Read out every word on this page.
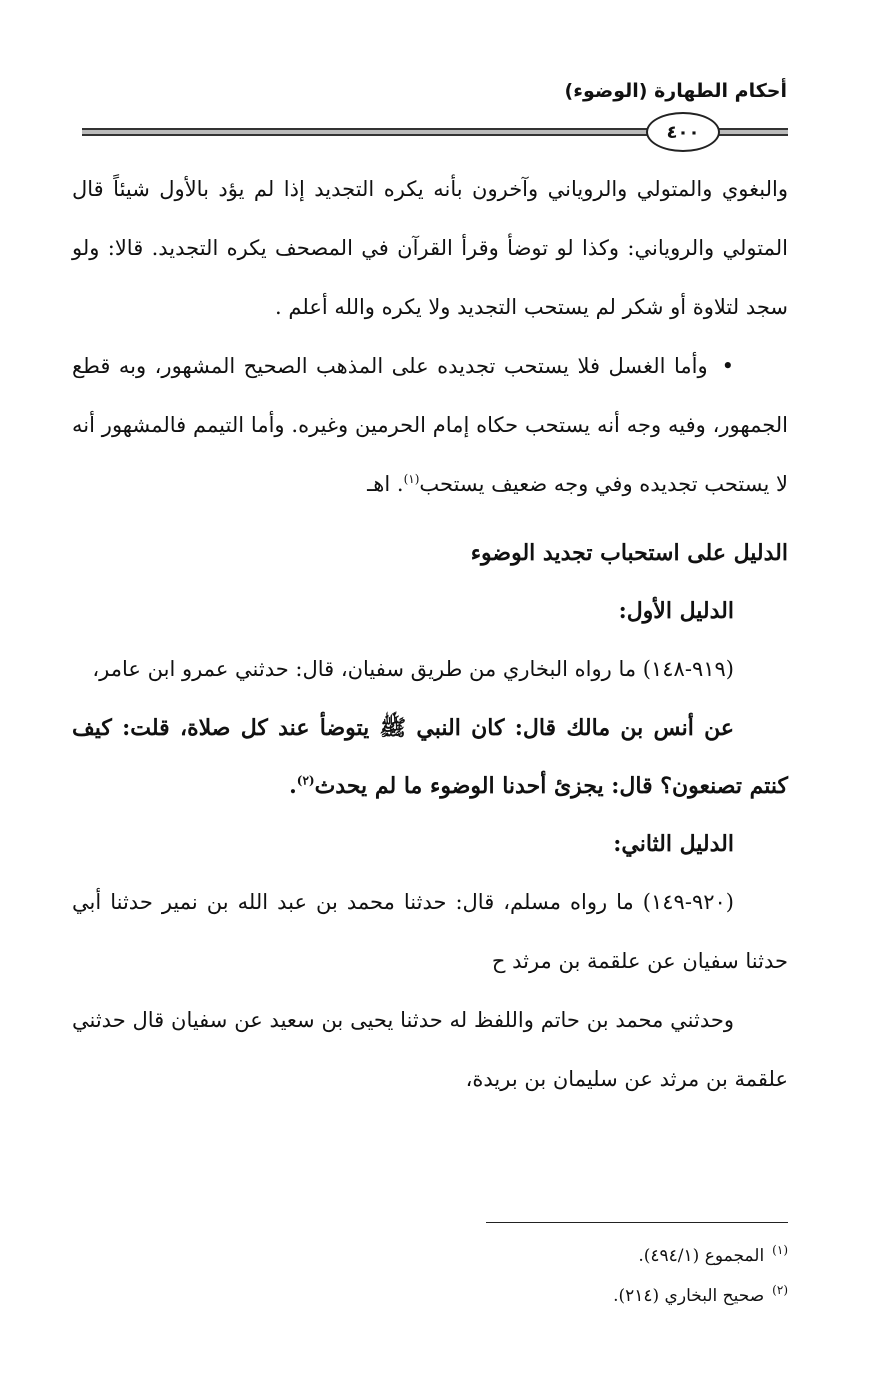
أحكام الطهارة (الوضوء)
٤٠٠

والبغوي والمتولي والروياني وآخرون بأنه يكره التجديد إذا لم يؤد بالأول شيئاً قال المتولي والروياني: وكذا لو توضأ وقرأ القرآن في المصحف يكره التجديد. قالا: ولو سجد لتلاوة أو شكر لم يستحب التجديد ولا يكره والله أعلم .

• وأما الغسل فلا يستحب تجديده على المذهب الصحيح المشهور، وبه قطع الجمهور، وفيه وجه أنه يستحب حكاه إمام الحرمين وغيره. وأما التيمم فالمشهور أنه لا يستحب تجديده وفي وجه ضعيف يستحب$^{(١)}$. اهـ

الدليل على استحباب تجديد الوضوء

الدليل الأول:

(٩١٩-١٤٨) ما رواه البخاري من طريق سفيان، قال: حدثني عمرو ابن عامر،

عن أنس بن مالك قال: كان النبي ﷺ يتوضأ عند كل صلاة، قلت: كيف كنتم تصنعون؟ قال: يجزئ أحدنا الوضوء ما لم يحدث$^{(٢)}$.

الدليل الثاني:

(٩٢٠-١٤٩) ما رواه مسلم، قال: حدثنا محمد بن عبد الله بن نمير حدثنا أبي حدثنا سفيان عن علقمة بن مرثد ح

وحدثني محمد بن حاتم واللفظ له حدثنا يحيى بن سعيد عن سفيان قال حدثني علقمة بن مرثد عن سليمان بن بريدة،

$^{(١)}$المجموع (٤٩٤/١).

$^{(٢)}$صحيح البخاري (٢١٤).
